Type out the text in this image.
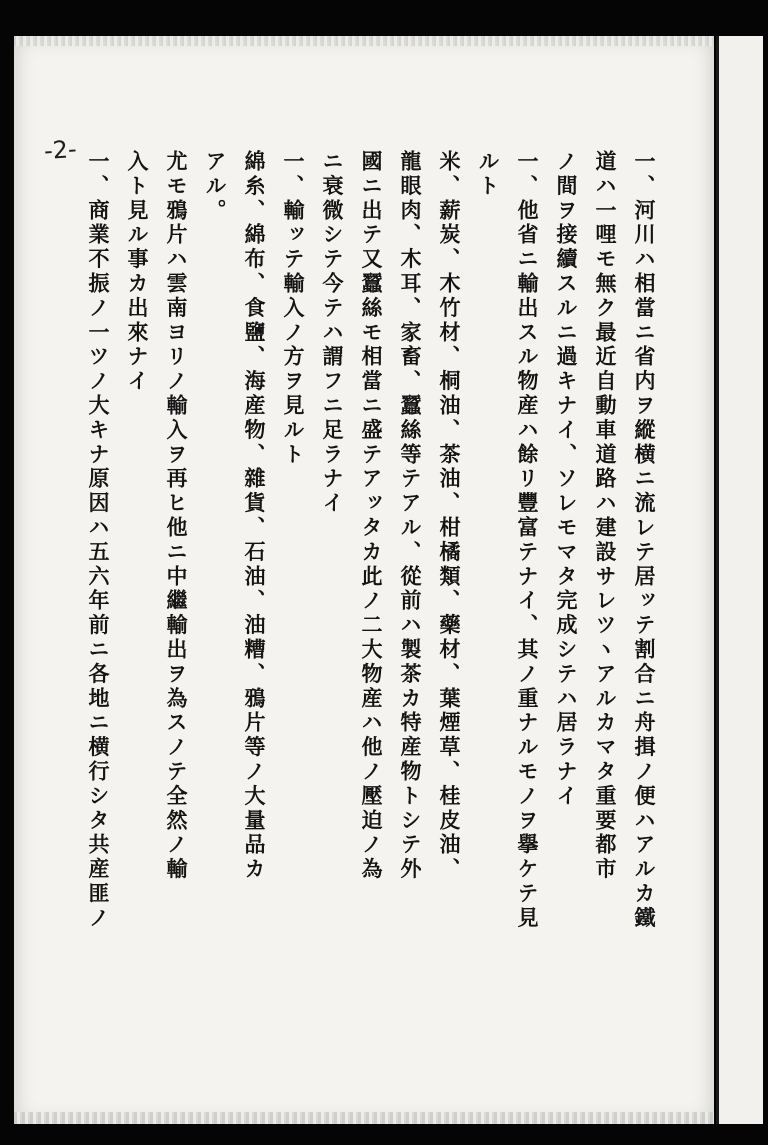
-2-	一、河川ハ相當ニ省内ヲ縱横ニ流レテ居ッテ割合ニ舟揖ノ便ハアルカ鐵
道ハ一哩モ無ク最近自動車道路ハ建設サレツヽアルカマタ重要都市
ノ間ヲ接續スルニ過キナイ、ソレモマタ完成シテハ居ラナイ
一、他省ニ輸出スル物産ハ餘リ豐富テナイ、其ノ重ナルモノヲ擧ケテ見
ルト
米、薪炭、木竹材、桐油、茶油、柑橘類、藥材、葉煙草、桂皮油、
龍眼肉、木耳、家畜、蠶絲等テアル、從前ハ製茶カ特産物トシテ外
國ニ出テ又蠶絲モ相當ニ盛テアッタカ此ノ二大物産ハ他ノ壓迫ノ為
ニ衰微シテ今テハ謂フニ足ラナイ
一、輸ッテ輸入ノ方ヲ見ルト
綿糸、綿布、食鹽、海産物、雜貨、石油、油糟、鴉片等ノ大量品カ
アル。
尤モ鴉片ハ雲南ヨリノ輸入ヲ再ヒ他ニ中繼輸出ヲ為スノテ全然ノ輸
入ト見ル事カ出來ナイ
一、商業不振ノ一ツノ大キナ原因ハ五六年前ニ各地ニ横行シタ共産匪ノ
